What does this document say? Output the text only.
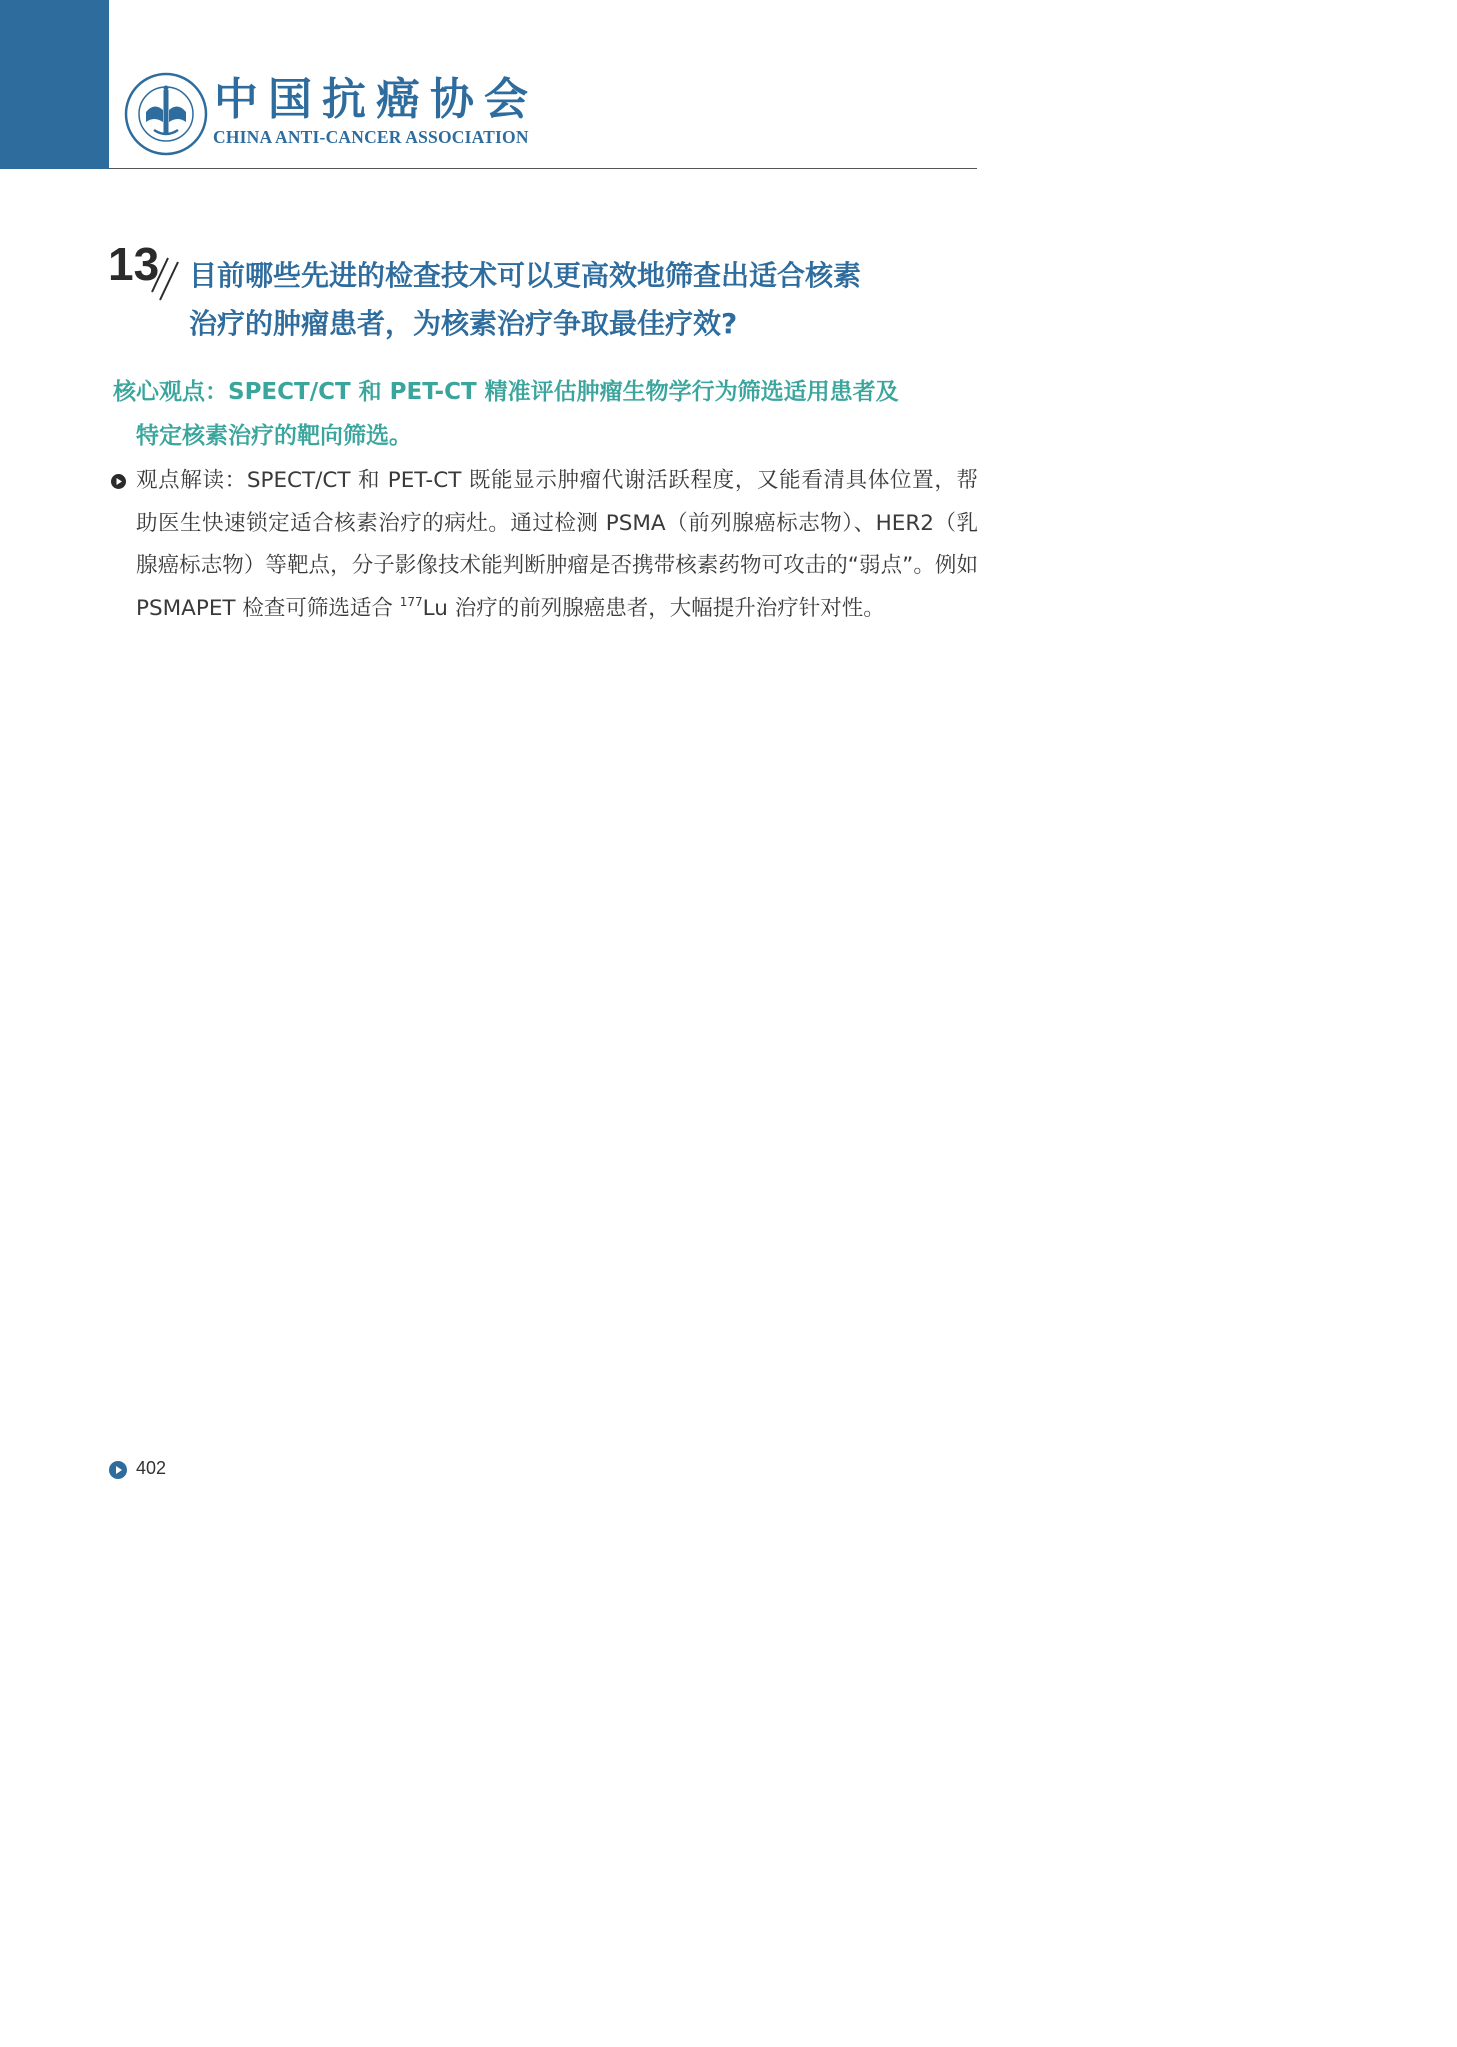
中国抗癌协会
CHINA ANTI-CANCER ASSOCIATION
13 目前哪些先进的检查技术可以更高效地筛查出适合核素
治疗的肿瘤患者，为核素治疗争取最佳疗效?
核心观点：SPECT/CT 和 PET-CT 精准评估肿瘤生物学行为筛选适用患者及
特定核素治疗的靶向筛选。
观点解读：SPECT/CT 和 PET-CT 既能显示肿瘤代谢活跃程度，又能看清具体位置，帮助医生快速锁定适合核素治疗的病灶。通过检测 PSMA（前列腺癌标志物）、HER2（乳腺癌标志物）等靶点，分子影像技术能判断肿瘤是否携带核素药物可攻击的“弱点”。例如 PSMAPET 检查可筛选适合 $^{177}$Lu 治疗的前列腺癌患者，大幅提升治疗针对性。
402
